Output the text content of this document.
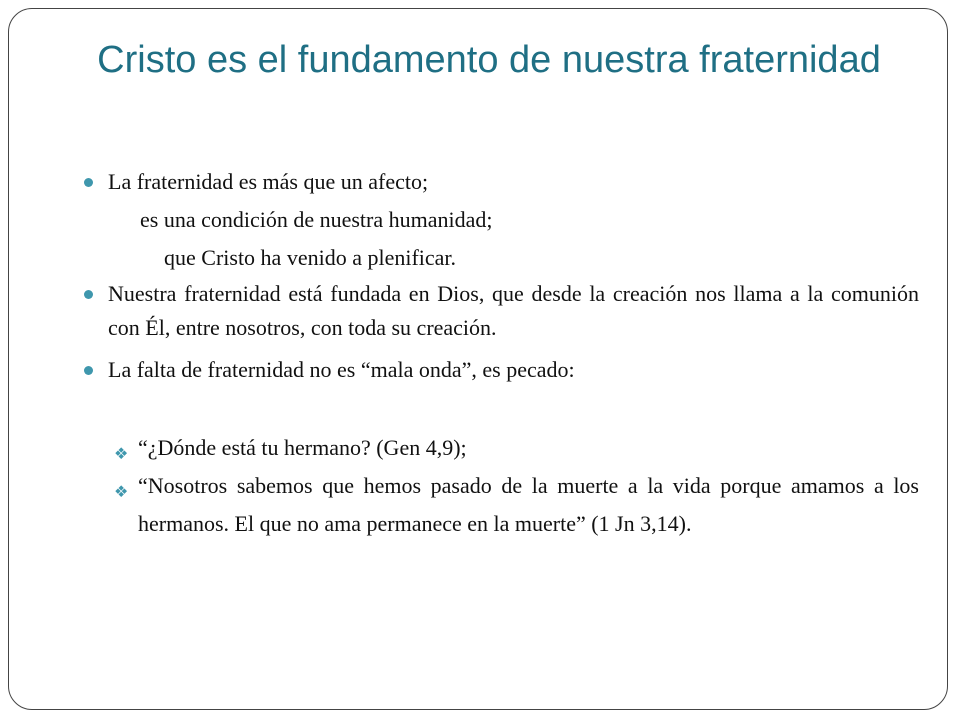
Cristo es el fundamento de nuestra fraternidad
La fraternidad es más que un afecto;
es una condición de nuestra humanidad;
que Cristo ha venido a plenificar.
Nuestra fraternidad está fundada en Dios, que desde la creación nos llama a la comunión con Él, entre nosotros, con toda su creación.
La falta de fraternidad no es “mala onda”, es pecado:
❖ “¿Dónde está tu hermano? (Gen 4,9);
❖ “Nosotros sabemos que hemos pasado de la muerte a la vida porque amamos a los hermanos. El que no ama permanece en la muerte” (1 Jn 3,14).
